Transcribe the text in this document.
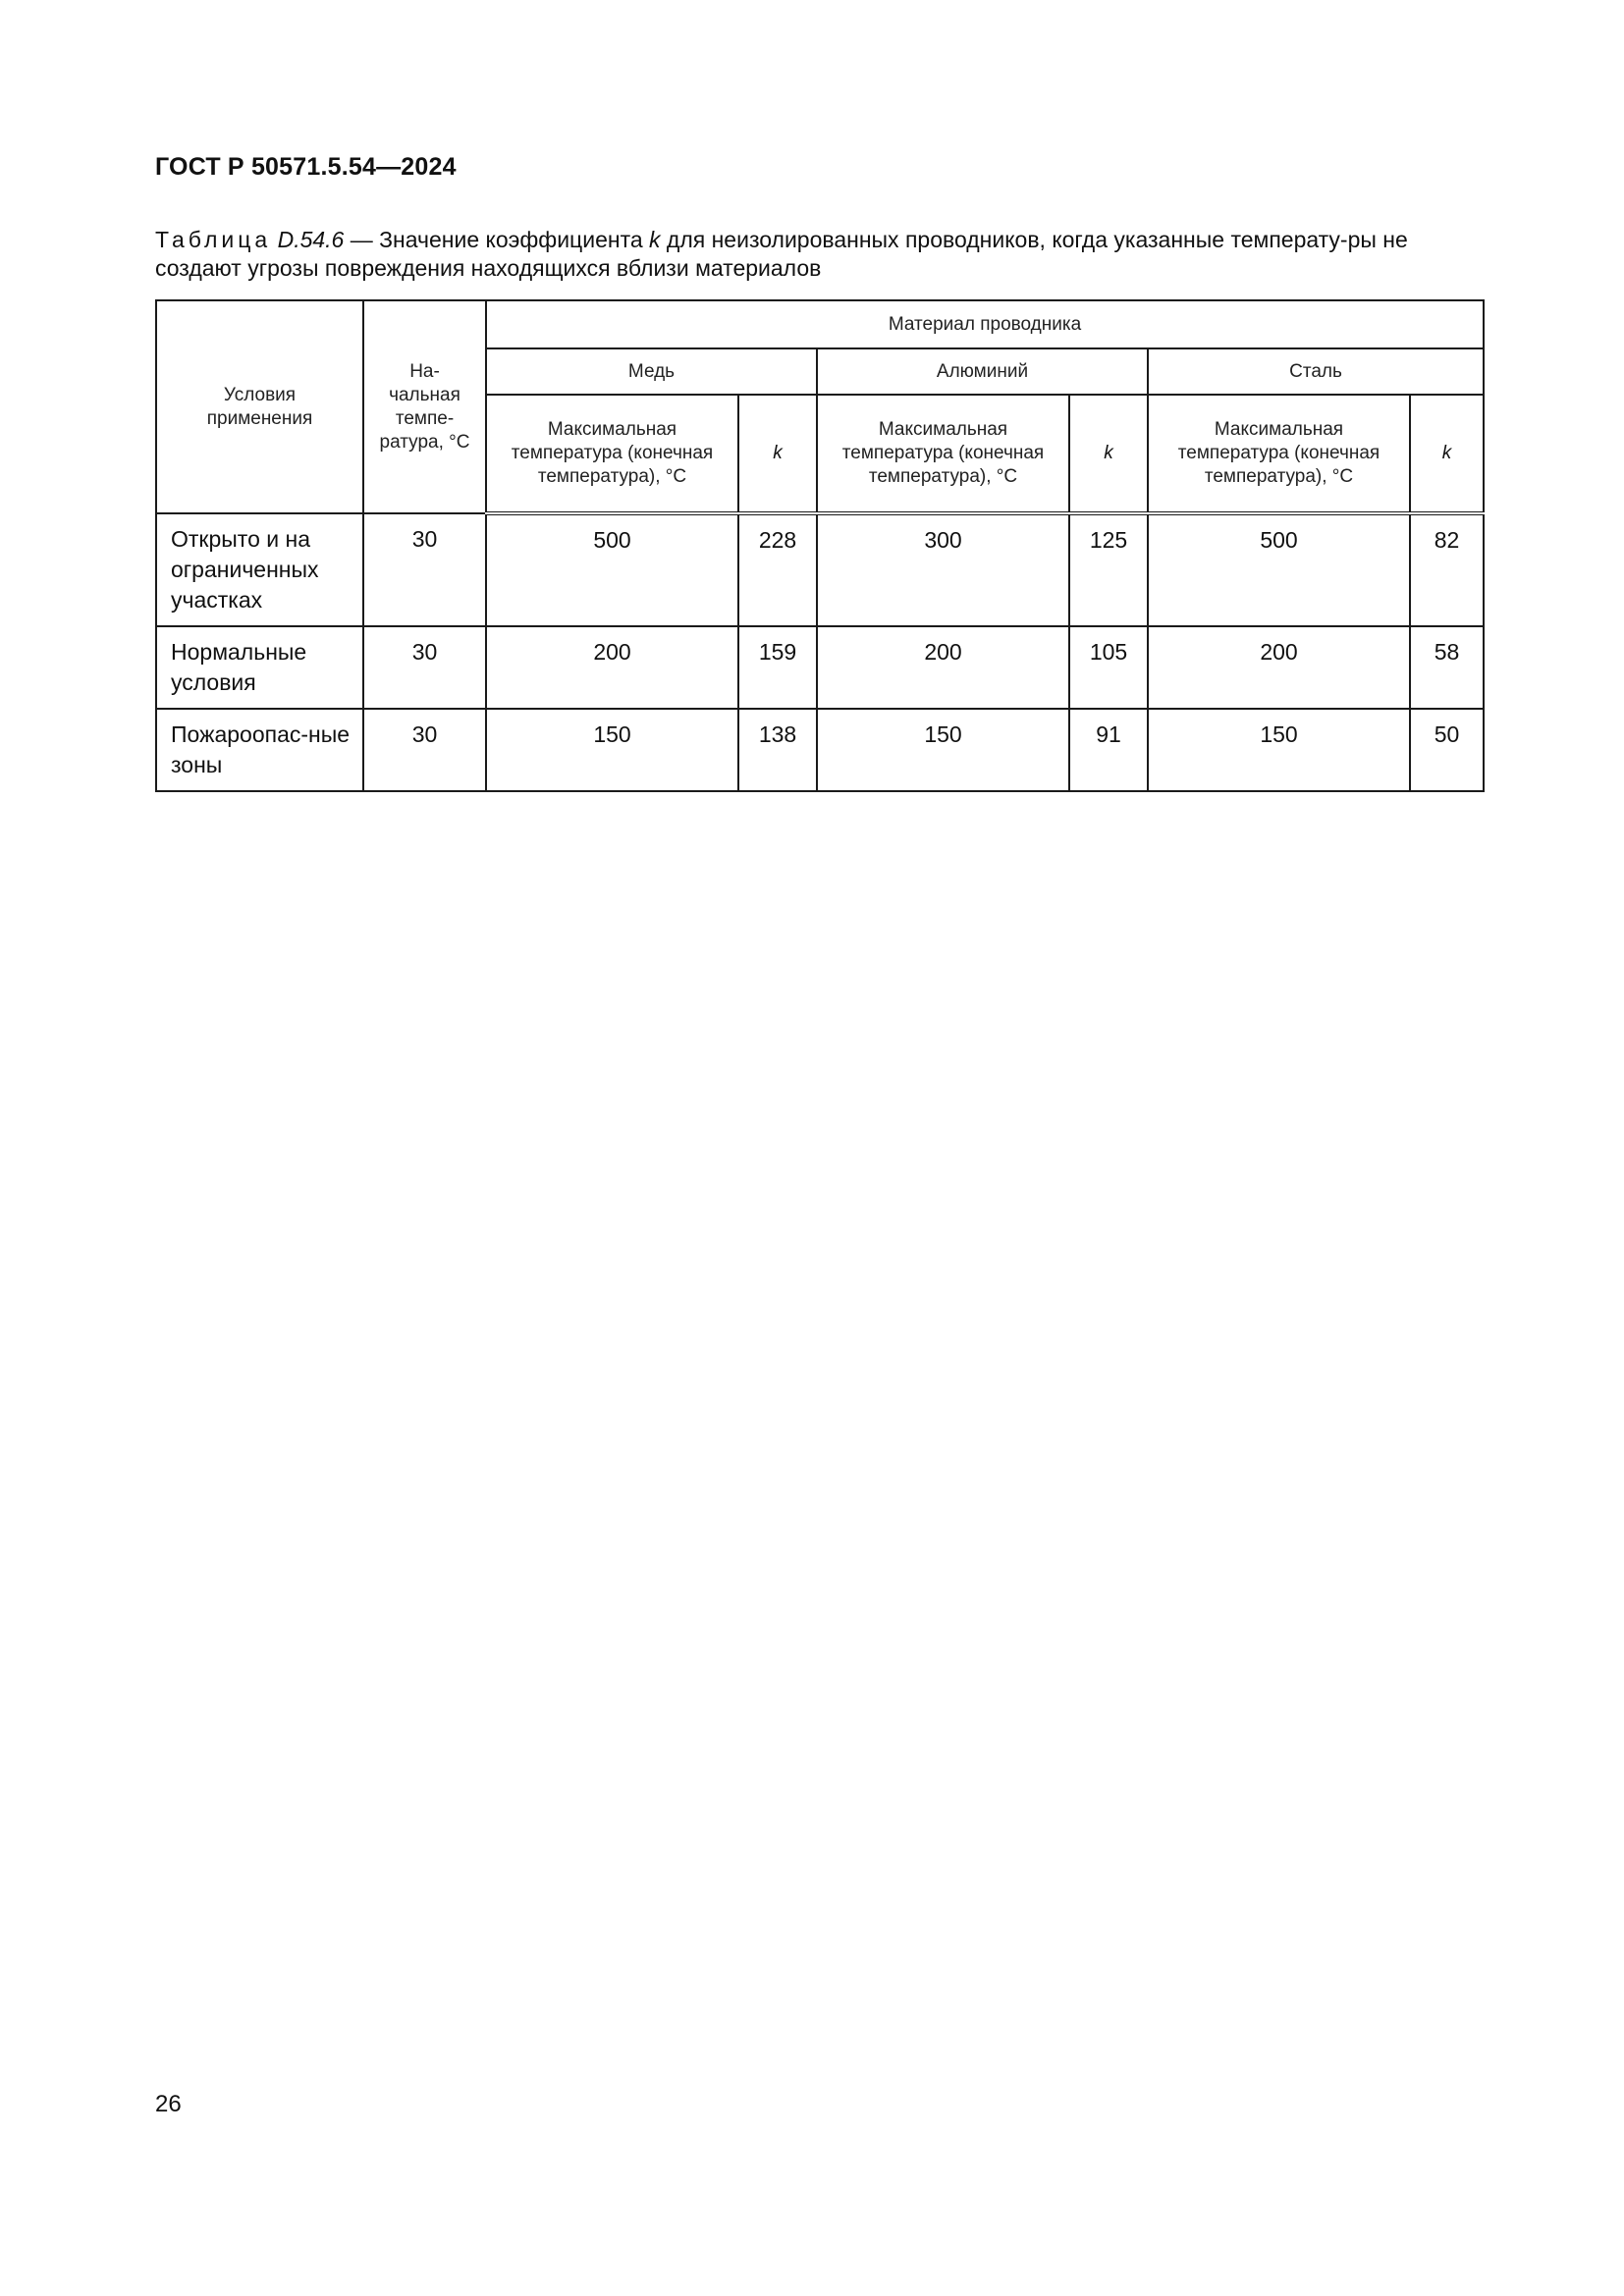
ГОСТ Р 50571.5.54—2024
Таблица D.54.6 — Значение коэффициента k для неизолированных проводников, когда указанные температу-ры не создают угрозы повреждения находящихся вблизи материалов
Условия применения	На-чальная темпе-ратура, °С	Материал проводника					
		Медь		Алюминий		Сталь	
		Максимальная температура (конечная температура), °С	k	Максимальная температура (конечная температура), °С	k	Максимальная температура (конечная температура), °С	k
Открыто и на ограниченных участках	30	500	228	300	125	500	82
Нормальные условия	30	200	159	200	105	200	58
Пожароопас-ные зоны	30	150	138	150	91	150	50
26
